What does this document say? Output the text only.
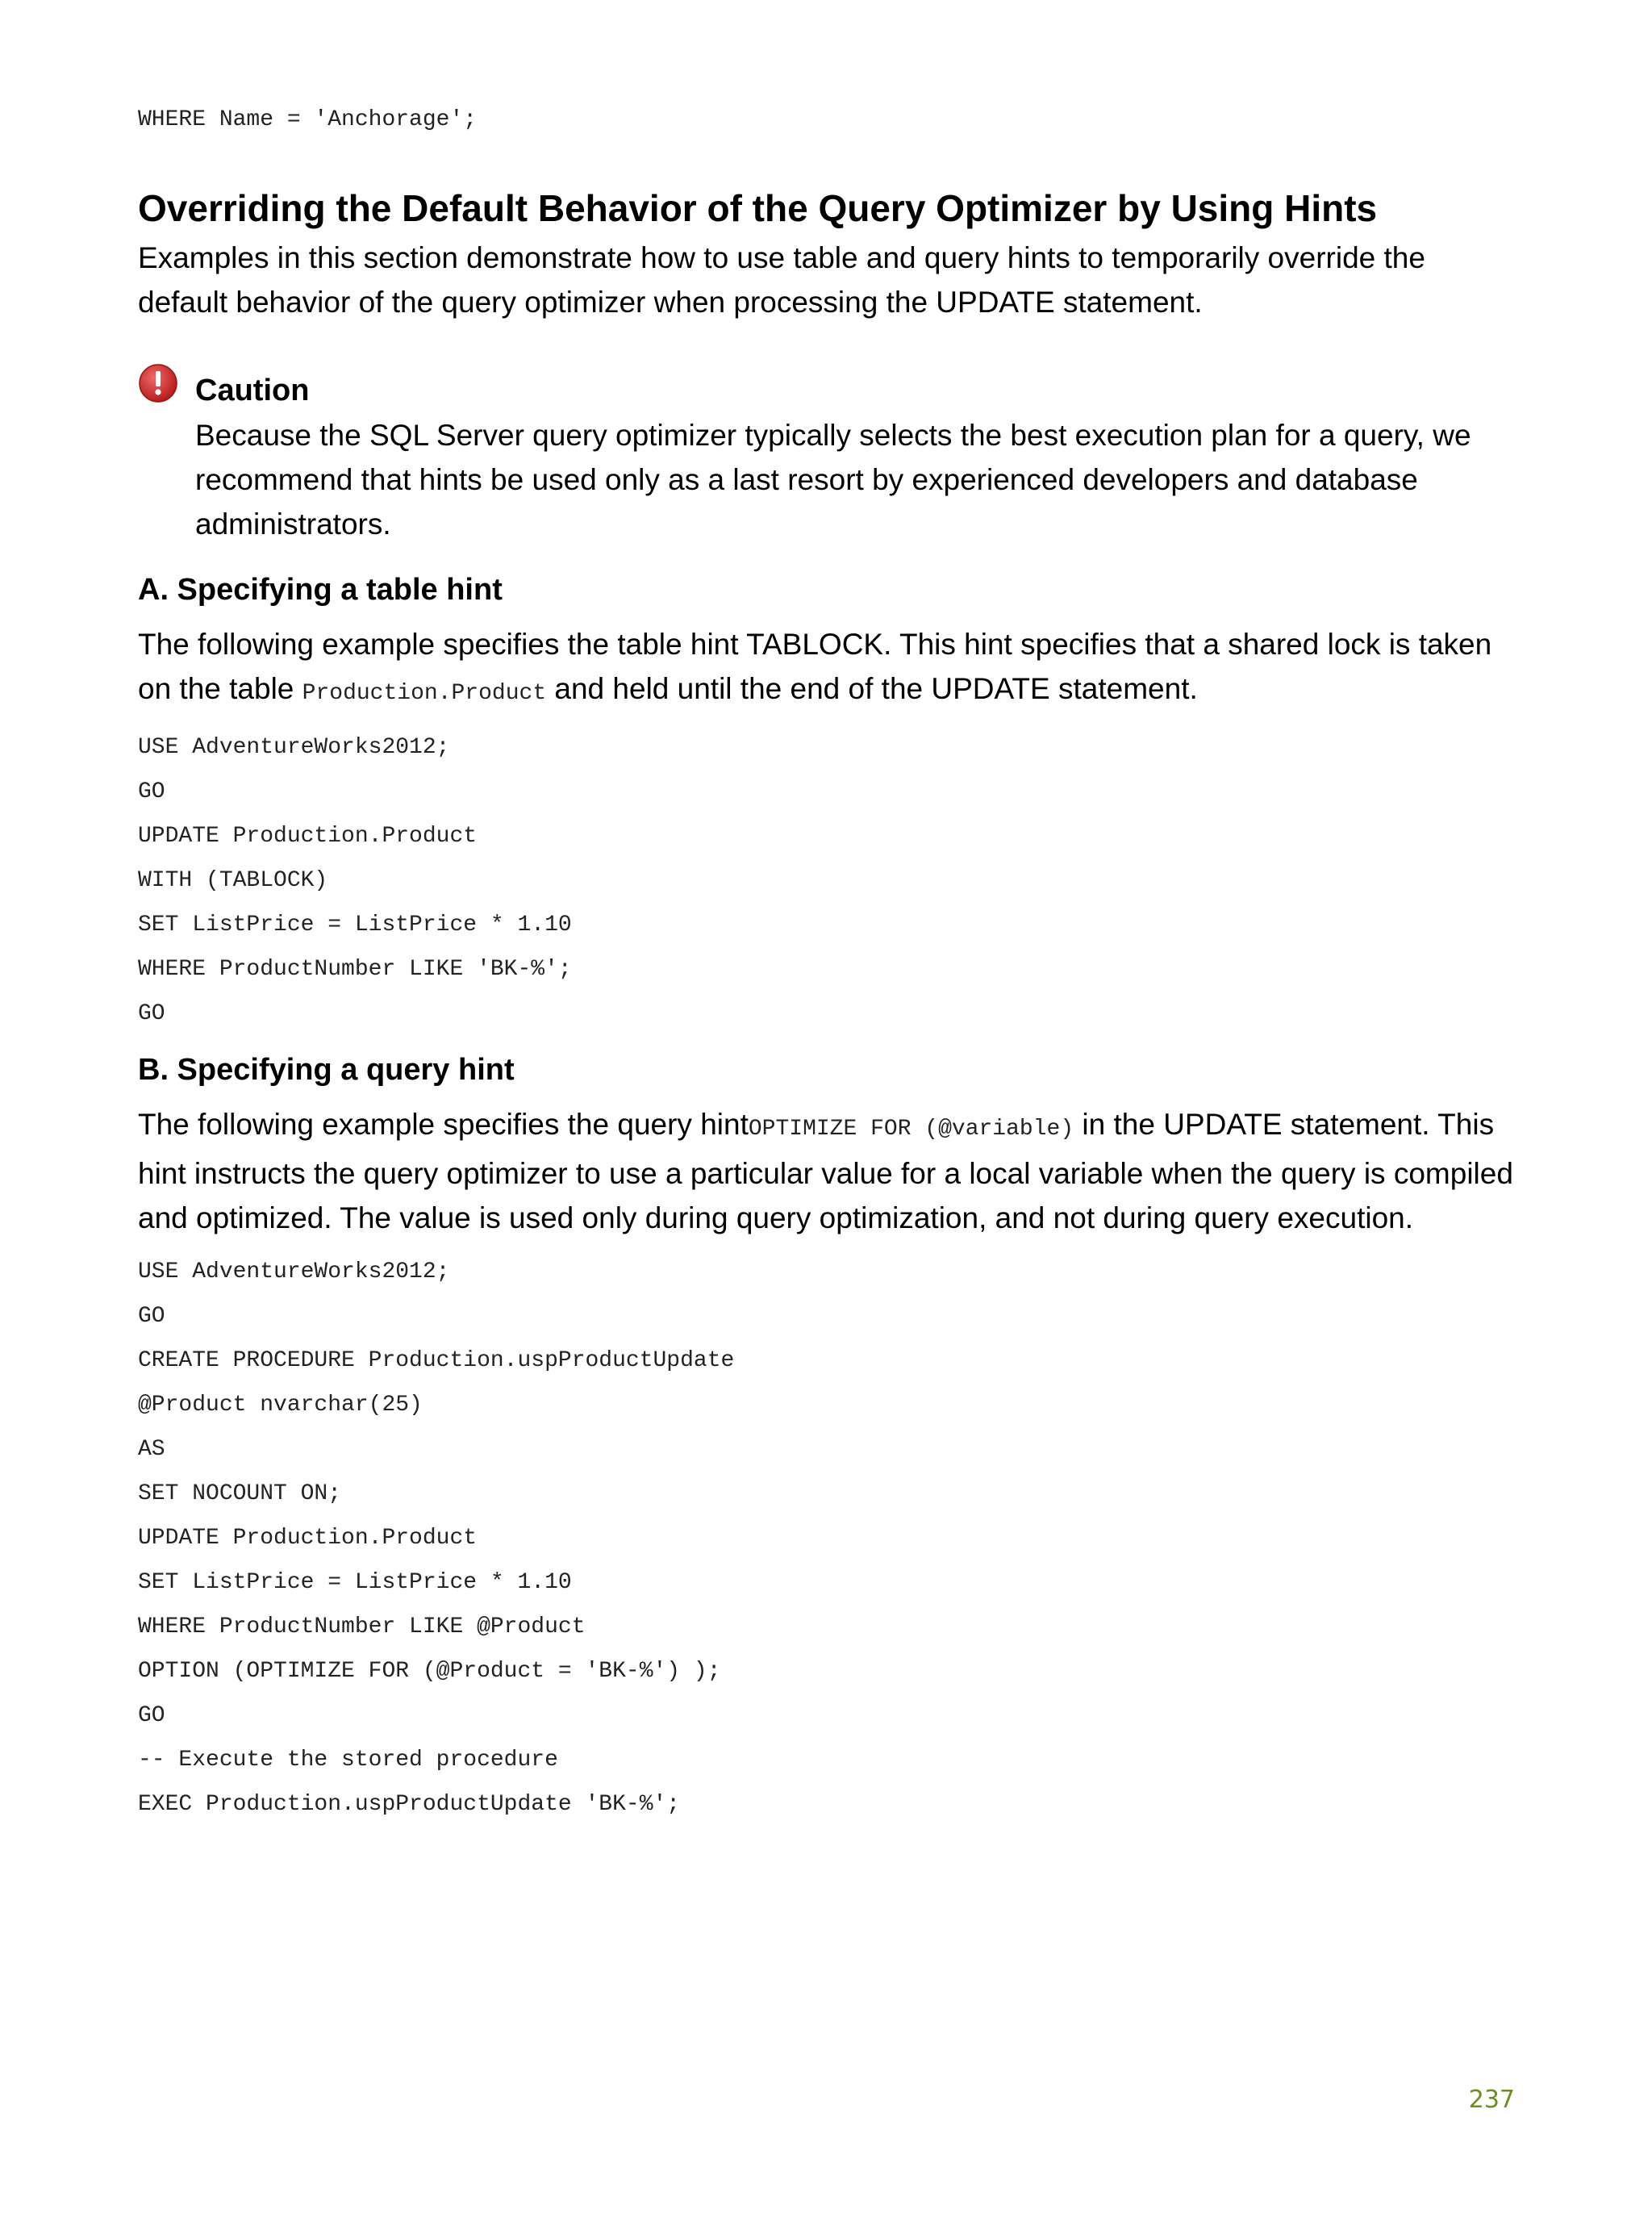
WHERE Name = 'Anchorage';

Overriding the Default Behavior of the Query Optimizer by Using Hints

Examples in this section demonstrate how to use table and query hints to temporarily override the default behavior of the query optimizer when processing the UPDATE statement.

Caution

Because the SQL Server query optimizer typically selects the best execution plan for a query, we recommend that hints be used only as a last resort by experienced developers and database administrators.

A. Specifying a table hint

The following example specifies the table hint TABLOCK. This hint specifies that a shared lock is taken on the table Production.Product and held until the end of the UPDATE statement.

USE AdventureWorks2012;

GO

UPDATE Production.Product

WITH (TABLOCK)

SET ListPrice = ListPrice * 1.10

WHERE ProductNumber LIKE 'BK-%';

GO

B. Specifying a query hint

The following example specifies the query hintOPTIMIZE FOR (@variable) in the UPDATE statement. This hint instructs the query optimizer to use a particular value for a local variable when the query is compiled and optimized. The value is used only during query optimization, and not during query execution.

USE AdventureWorks2012;

GO

CREATE PROCEDURE Production.uspProductUpdate

@Product nvarchar(25)

AS

SET NOCOUNT ON;

UPDATE Production.Product

SET ListPrice = ListPrice * 1.10

WHERE ProductNumber LIKE @Product

OPTION (OPTIMIZE FOR (@Product = 'BK-%') );

GO

-- Execute the stored procedure

EXEC Production.uspProductUpdate 'BK-%';

237
